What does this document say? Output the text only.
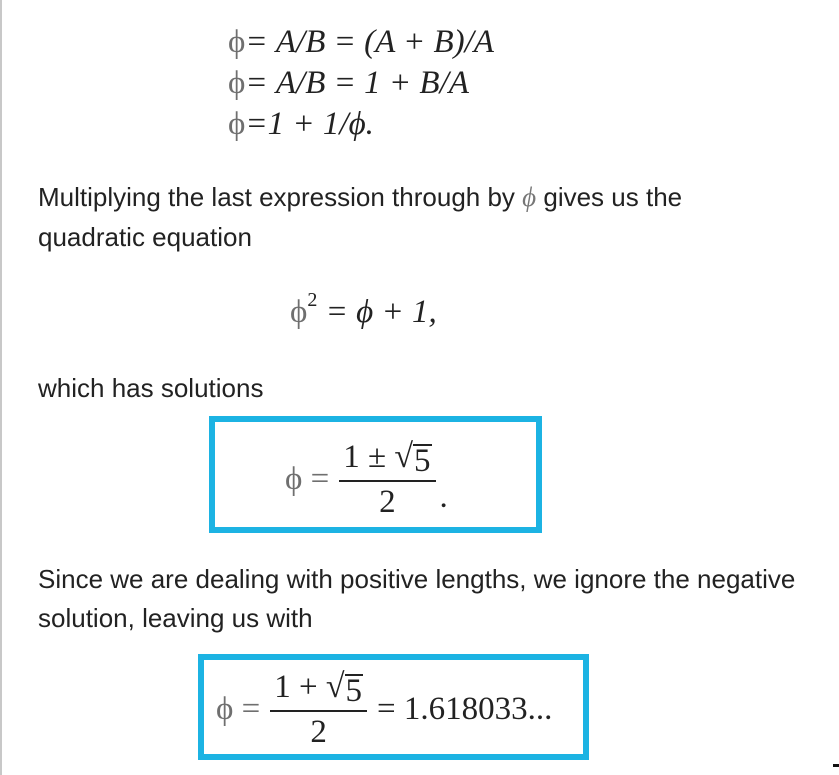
ϕ= A/B = (A + B)/A
ϕ= A/B = 1 + B/A
ϕ=1 + 1/ϕ.
Multiplying the last expression through by ϕ gives us the
quadratic equation
$\phi^2 = \phi + 1$,
which has solutions
$\phi = \frac{1 \pm √ 5}{2}$ .
Since we are dealing with positive lengths, we ignore the negative
solution, leaving us with
$\phi = \frac{1 + √ 5}{2} = 1.618033$...
